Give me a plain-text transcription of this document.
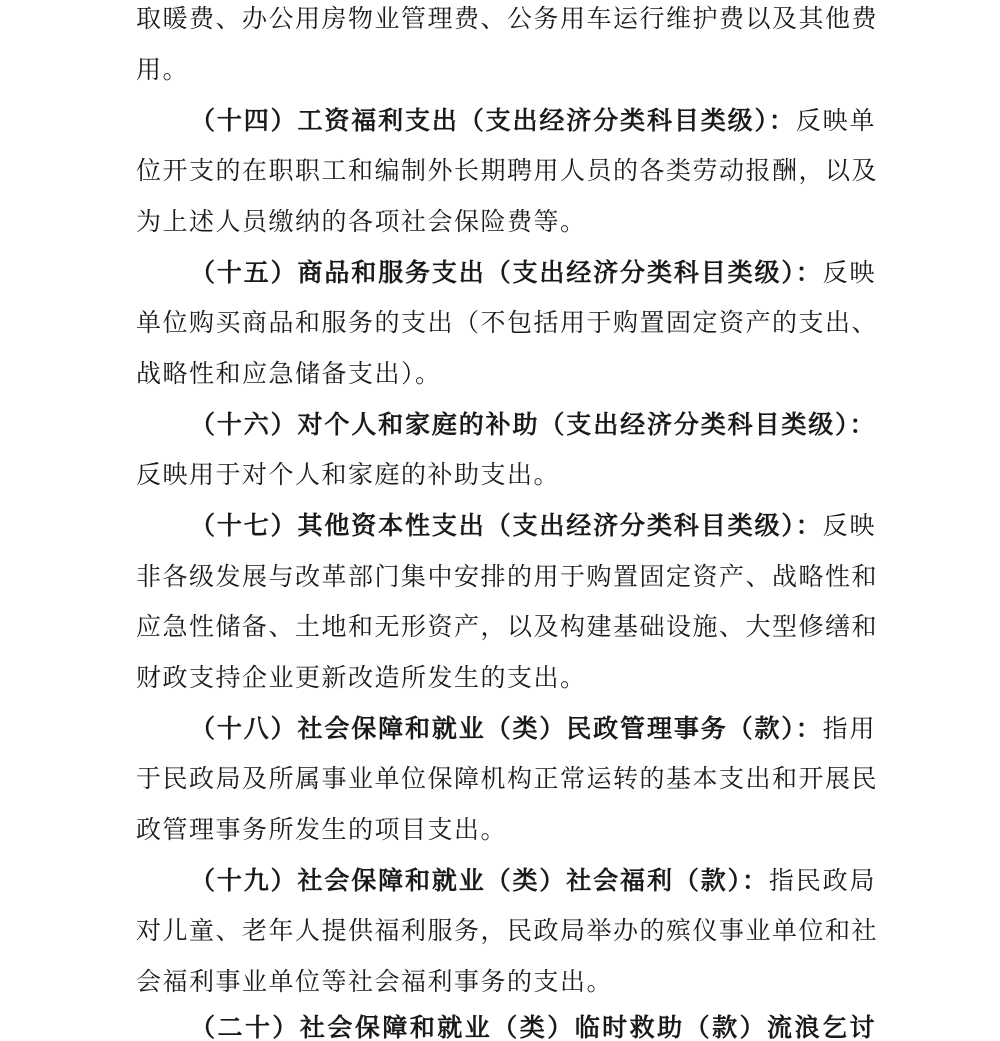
取暖费、办公用房物业管理费、公务用车运行维护费以及其他费
用。
（十四）工资福利支出（支出经济分类科目类级）：反映单
位开支的在职职工和编制外长期聘用人员的各类劳动报酬，以及
为上述人员缴纳的各项社会保险费等。
（十五）商品和服务支出（支出经济分类科目类级）：反映
单位购买商品和服务的支出（不包括用于购置固定资产的支出、
战略性和应急储备支出）。
（十六）对个人和家庭的补助（支出经济分类科目类级）：
反映用于对个人和家庭的补助支出。
（十七）其他资本性支出（支出经济分类科目类级）：反映
非各级发展与改革部门集中安排的用于购置固定资产、战略性和
应急性储备、土地和无形资产，以及构建基础设施、大型修缮和
财政支持企业更新改造所发生的支出。
（十八）社会保障和就业（类）民政管理事务（款）：指用
于民政局及所属事业单位保障机构正常运转的基本支出和开展民
政管理事务所发生的项目支出。
（十九）社会保障和就业（类）社会福利（款）：指民政局
对儿童、老年人提供福利服务，民政局举办的殡仪事业单位和社
会福利事业单位等社会福利事务的支出。
（二十）社会保障和就业（类）临时救助（款）流浪乞讨
